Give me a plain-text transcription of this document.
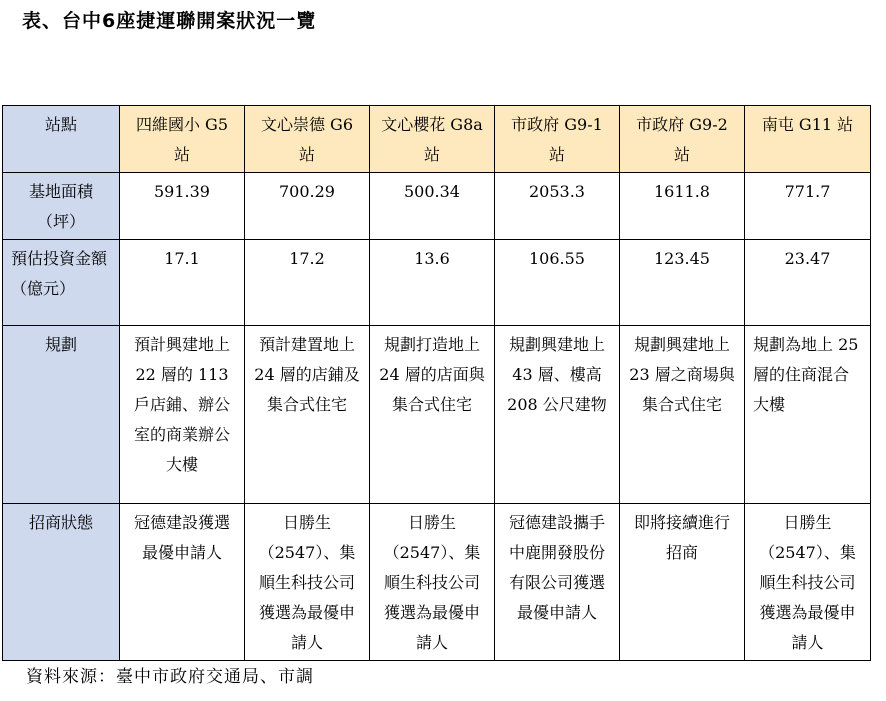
表、台中6座捷運聯開案狀況一覽
站點	四維國小 G5 站	文心崇德 G6 站	文心櫻花 G8a 站	市政府 G9-1 站	市政府 G9-2 站	南屯 G11 站
基地面積（坪）	591.39	700.29	500.34	2053.3	1611.8	771.7
預估投資金額（億元）	17.1	17.2	13.6	106.55	123.45	23.47
規劃	預計興建地上 22 層的 113 戶店鋪、辦公室的商業辦公大樓	預計建置地上 24 層的店鋪及集合式住宅	規劃打造地上 24 層的店面與集合式住宅	規劃興建地上 43 層、樓高 208 公尺建物	規劃興建地上 23 層之商場與集合式住宅	規劃為地上 25 層的住商混合大樓
招商狀態	冠德建設獲選最優申請人	日勝生（2547）、集順生科技公司獲選為最優申請人	日勝生（2547）、集順生科技公司獲選為最優申請人	冠德建設攜手中鹿開發股份有限公司獲選最優申請人	即將接續進行招商	日勝生（2547）、集順生科技公司獲選為最優申請人
資料來源：臺中市政府交通局、市調
